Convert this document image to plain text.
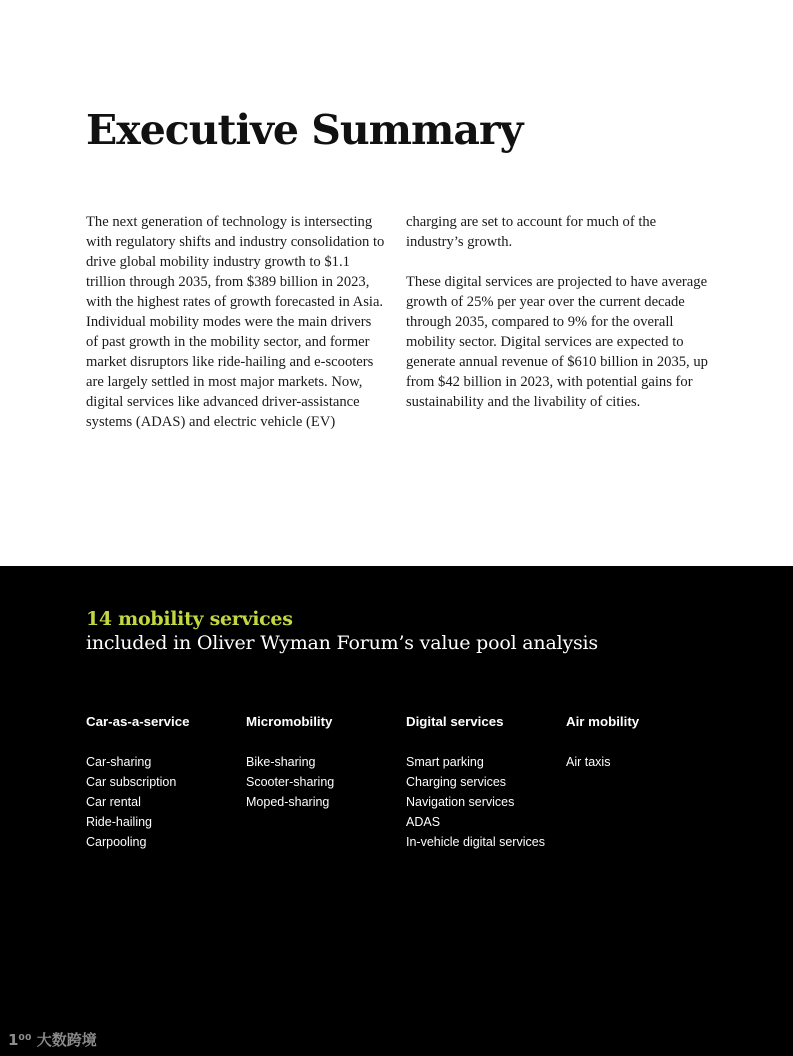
Executive Summary

The next generation of technology is intersecting with regulatory shifts and industry consolidation to drive global mobility industry growth to $1.1 trillion through 2035, from $389 billion in 2023, with the highest rates of growth forecasted in Asia. Individual mobility modes were the main drivers of past growth in the mobility sector, and former market disruptors like ride-hailing and e-scooters are largely settled in most major markets. Now, digital services like advanced driver-assistance systems (ADAS) and electric vehicle (EV)

charging are set to account for much of the industry’s growth.

These digital services are projected to have average growth of 25% per year over the current decade through 2035, compared to 9% for the overall mobility sector. Digital services are expected to generate annual revenue of $610 billion in 2035, up from $42 billion in 2023, with potential gains for sustainability and the livability of cities.

14 mobility services
included in Oliver Wyman Forum’s value pool analysis
Car-as-a-service
Car-sharing
Car subscription
Car rental
Ride-hailing
Carpooling
Micromobility
Bike-sharing
Scooter-sharing
Moped-sharing
Digital services
Smart parking
Charging services
Navigation services
ADAS
In-vehicle digital services
Air mobility
Air taxis
1⁰⁰ 大数跨境
